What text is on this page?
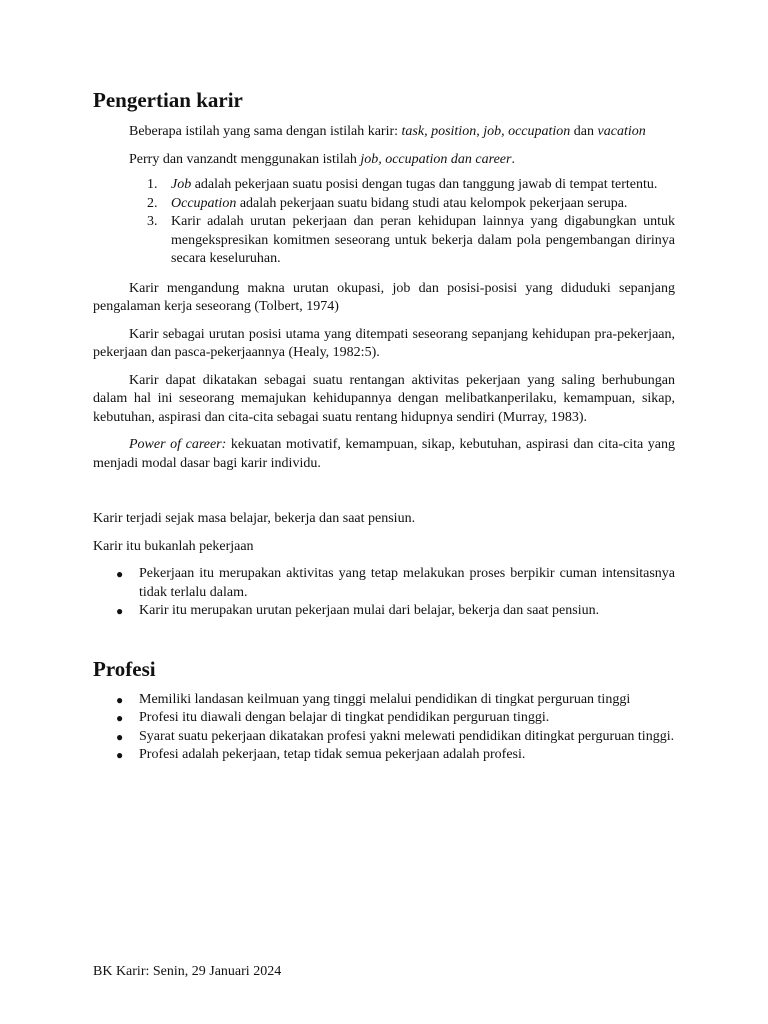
Pengertian karir

Beberapa istilah yang sama dengan istilah karir: task, position, job, occupation dan vacation

Perry dan vanzandt menggunakan istilah job, occupation dan career.

1. Job adalah pekerjaan suatu posisi dengan tugas dan tanggung jawab di tempat tertentu.
2. Occupation adalah pekerjaan suatu bidang studi atau kelompok pekerjaan serupa.
3. Karir adalah urutan pekerjaan dan peran kehidupan lainnya yang digabungkan untuk mengekspresikan komitmen seseorang untuk bekerja dalam pola pengembangan dirinya secara keseluruhan.

Karir mengandung makna urutan okupasi, job dan posisi-posisi yang diduduki sepanjang pengalaman kerja seseorang (Tolbert, 1974)

Karir sebagai urutan posisi utama yang ditempati seseorang sepanjang kehidupan pra-pekerjaan, pekerjaan dan pasca-pekerjaannya (Healy, 1982:5).

Karir dapat dikatakan sebagai suatu rentangan aktivitas pekerjaan yang saling berhubungan dalam hal ini seseorang memajukan kehidupannya dengan melibatkanperilaku, kemampuan, sikap, kebutuhan, aspirasi dan cita-cita sebagai suatu rentang hidupnya sendiri (Murray, 1983).

Power of career: kekuatan motivatif, kemampuan, sikap, kebutuhan, aspirasi dan cita-cita yang menjadi modal dasar bagi karir individu.

Karir terjadi sejak masa belajar, bekerja dan saat pensiun.

Karir itu bukanlah pekerjaan

● Pekerjaan itu merupakan aktivitas yang tetap melakukan proses berpikir cuman intensitasnya tidak terlalu dalam.
● Karir itu merupakan urutan pekerjaan mulai dari belajar, bekerja dan saat pensiun.
Profesi
● Memiliki landasan keilmuan yang tinggi melalui pendidikan di tingkat perguruan tinggi
● Profesi itu diawali dengan belajar di tingkat pendidikan perguruan tinggi.
● Syarat suatu pekerjaan dikatakan profesi yakni melewati pendidikan ditingkat perguruan tinggi.
● Profesi adalah pekerjaan, tetap tidak semua pekerjaan adalah profesi.
BK Karir: Senin, 29 Januari 2024
